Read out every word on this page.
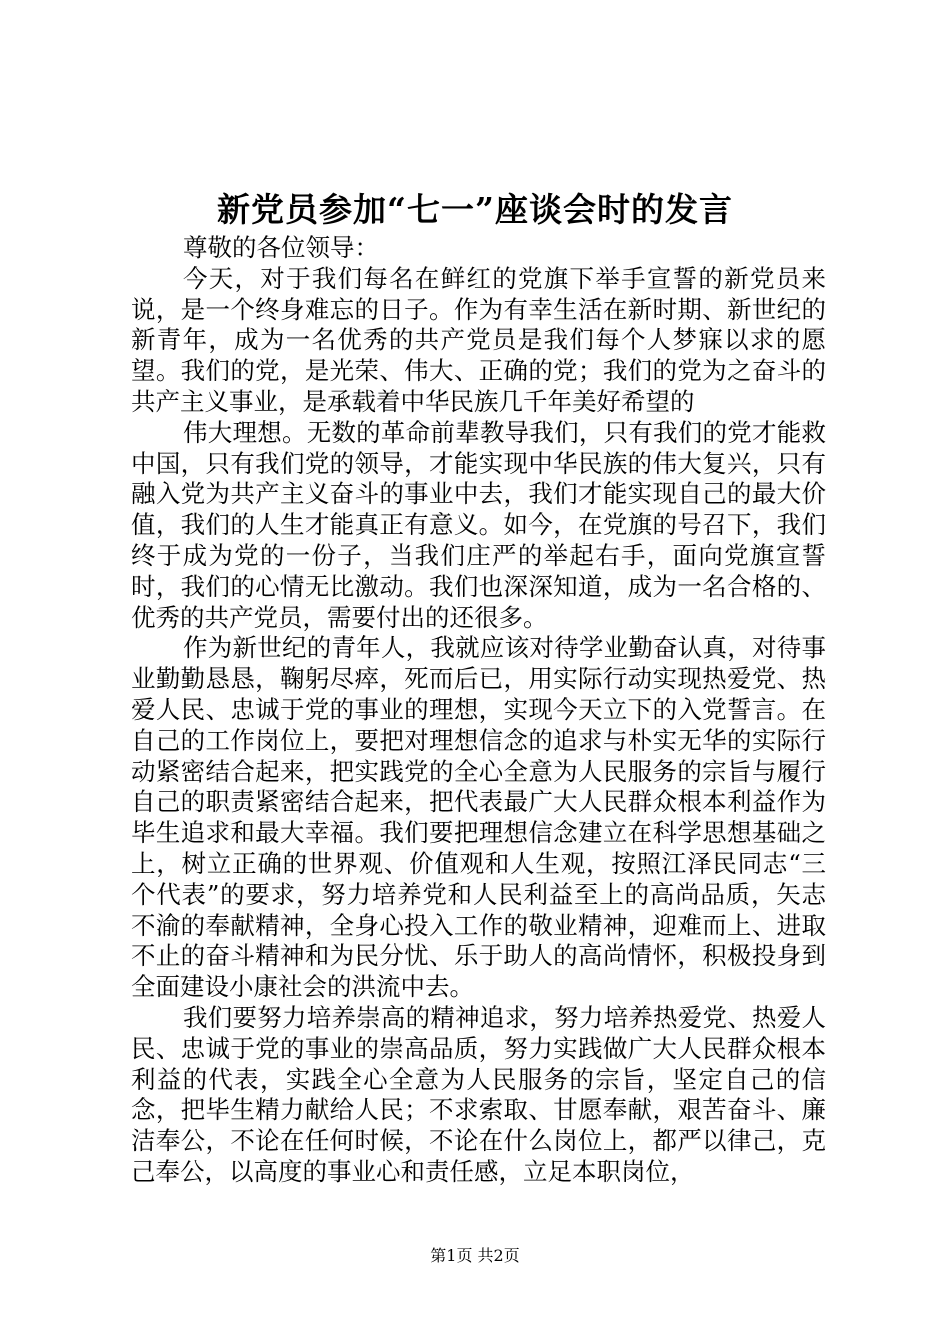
新党员参加“七一”座谈会时的发言

尊敬的各位领导：

今天，对于我们每名在鲜红的党旗下举手宣誓的新党员来说，是一个终身难忘的日子。作为有幸生活在新时期、新世纪的新青年，成为一名优秀的共产党员是我们每个人梦寐以求的愿望。我们的党，是光荣、伟大、正确的党；我们的党为之奋斗的共产主义事业，是承载着中华民族几千年美好希望的

伟大理想。无数的革命前辈教导我们，只有我们的党才能救中国，只有我们党的领导，才能实现中华民族的伟大复兴，只有融入党为共产主义奋斗的事业中去，我们才能实现自己的最大价值，我们的人生才能真正有意义。如今，在党旗的号召下，我们终于成为党的一份子，当我们庄严的举起右手，面向党旗宣誓时，我们的心情无比激动。我们也深深知道，成为一名合格的、优秀的共产党员，需要付出的还很多。

作为新世纪的青年人，我就应该对待学业勤奋认真，对待事业勤勤恳恳，鞠躬尽瘁，死而后已，用实际行动实现热爱党、热爱人民、忠诚于党的事业的理想，实现今天立下的入党誓言。在自己的工作岗位上，要把对理想信念的追求与朴实无华的实际行动紧密结合起来，把实践党的全心全意为人民服务的宗旨与履行自己的职责紧密结合起来，把代表最广大人民群众根本利益作为毕生追求和最大幸福。我们要把理想信念建立在科学思想基础之上，树立正确的世界观、价值观和人生观，按照江泽民同志“三个代表”的要求，努力培养党和人民利益至上的高尚品质，矢志不渝的奉献精神，全身心投入工作的敬业精神，迎难而上、进取不止的奋斗精神和为民分忧、乐于助人的高尚情怀，积极投身到全面建设小康社会的洪流中去。

我们要努力培养崇高的精神追求，努力培养热爱党、热爱人民、忠诚于党的事业的崇高品质，努力实践做广大人民群众根本利益的代表，实践全心全意为人民服务的宗旨，坚定自己的信念，把毕生精力献给人民；不求索取、甘愿奉献，艰苦奋斗、廉洁奉公，不论在任何时候，不论在什么岗位上，都严以律己，克己奉公，以高度的事业心和责任感，立足本职岗位，

第1页 共2页
